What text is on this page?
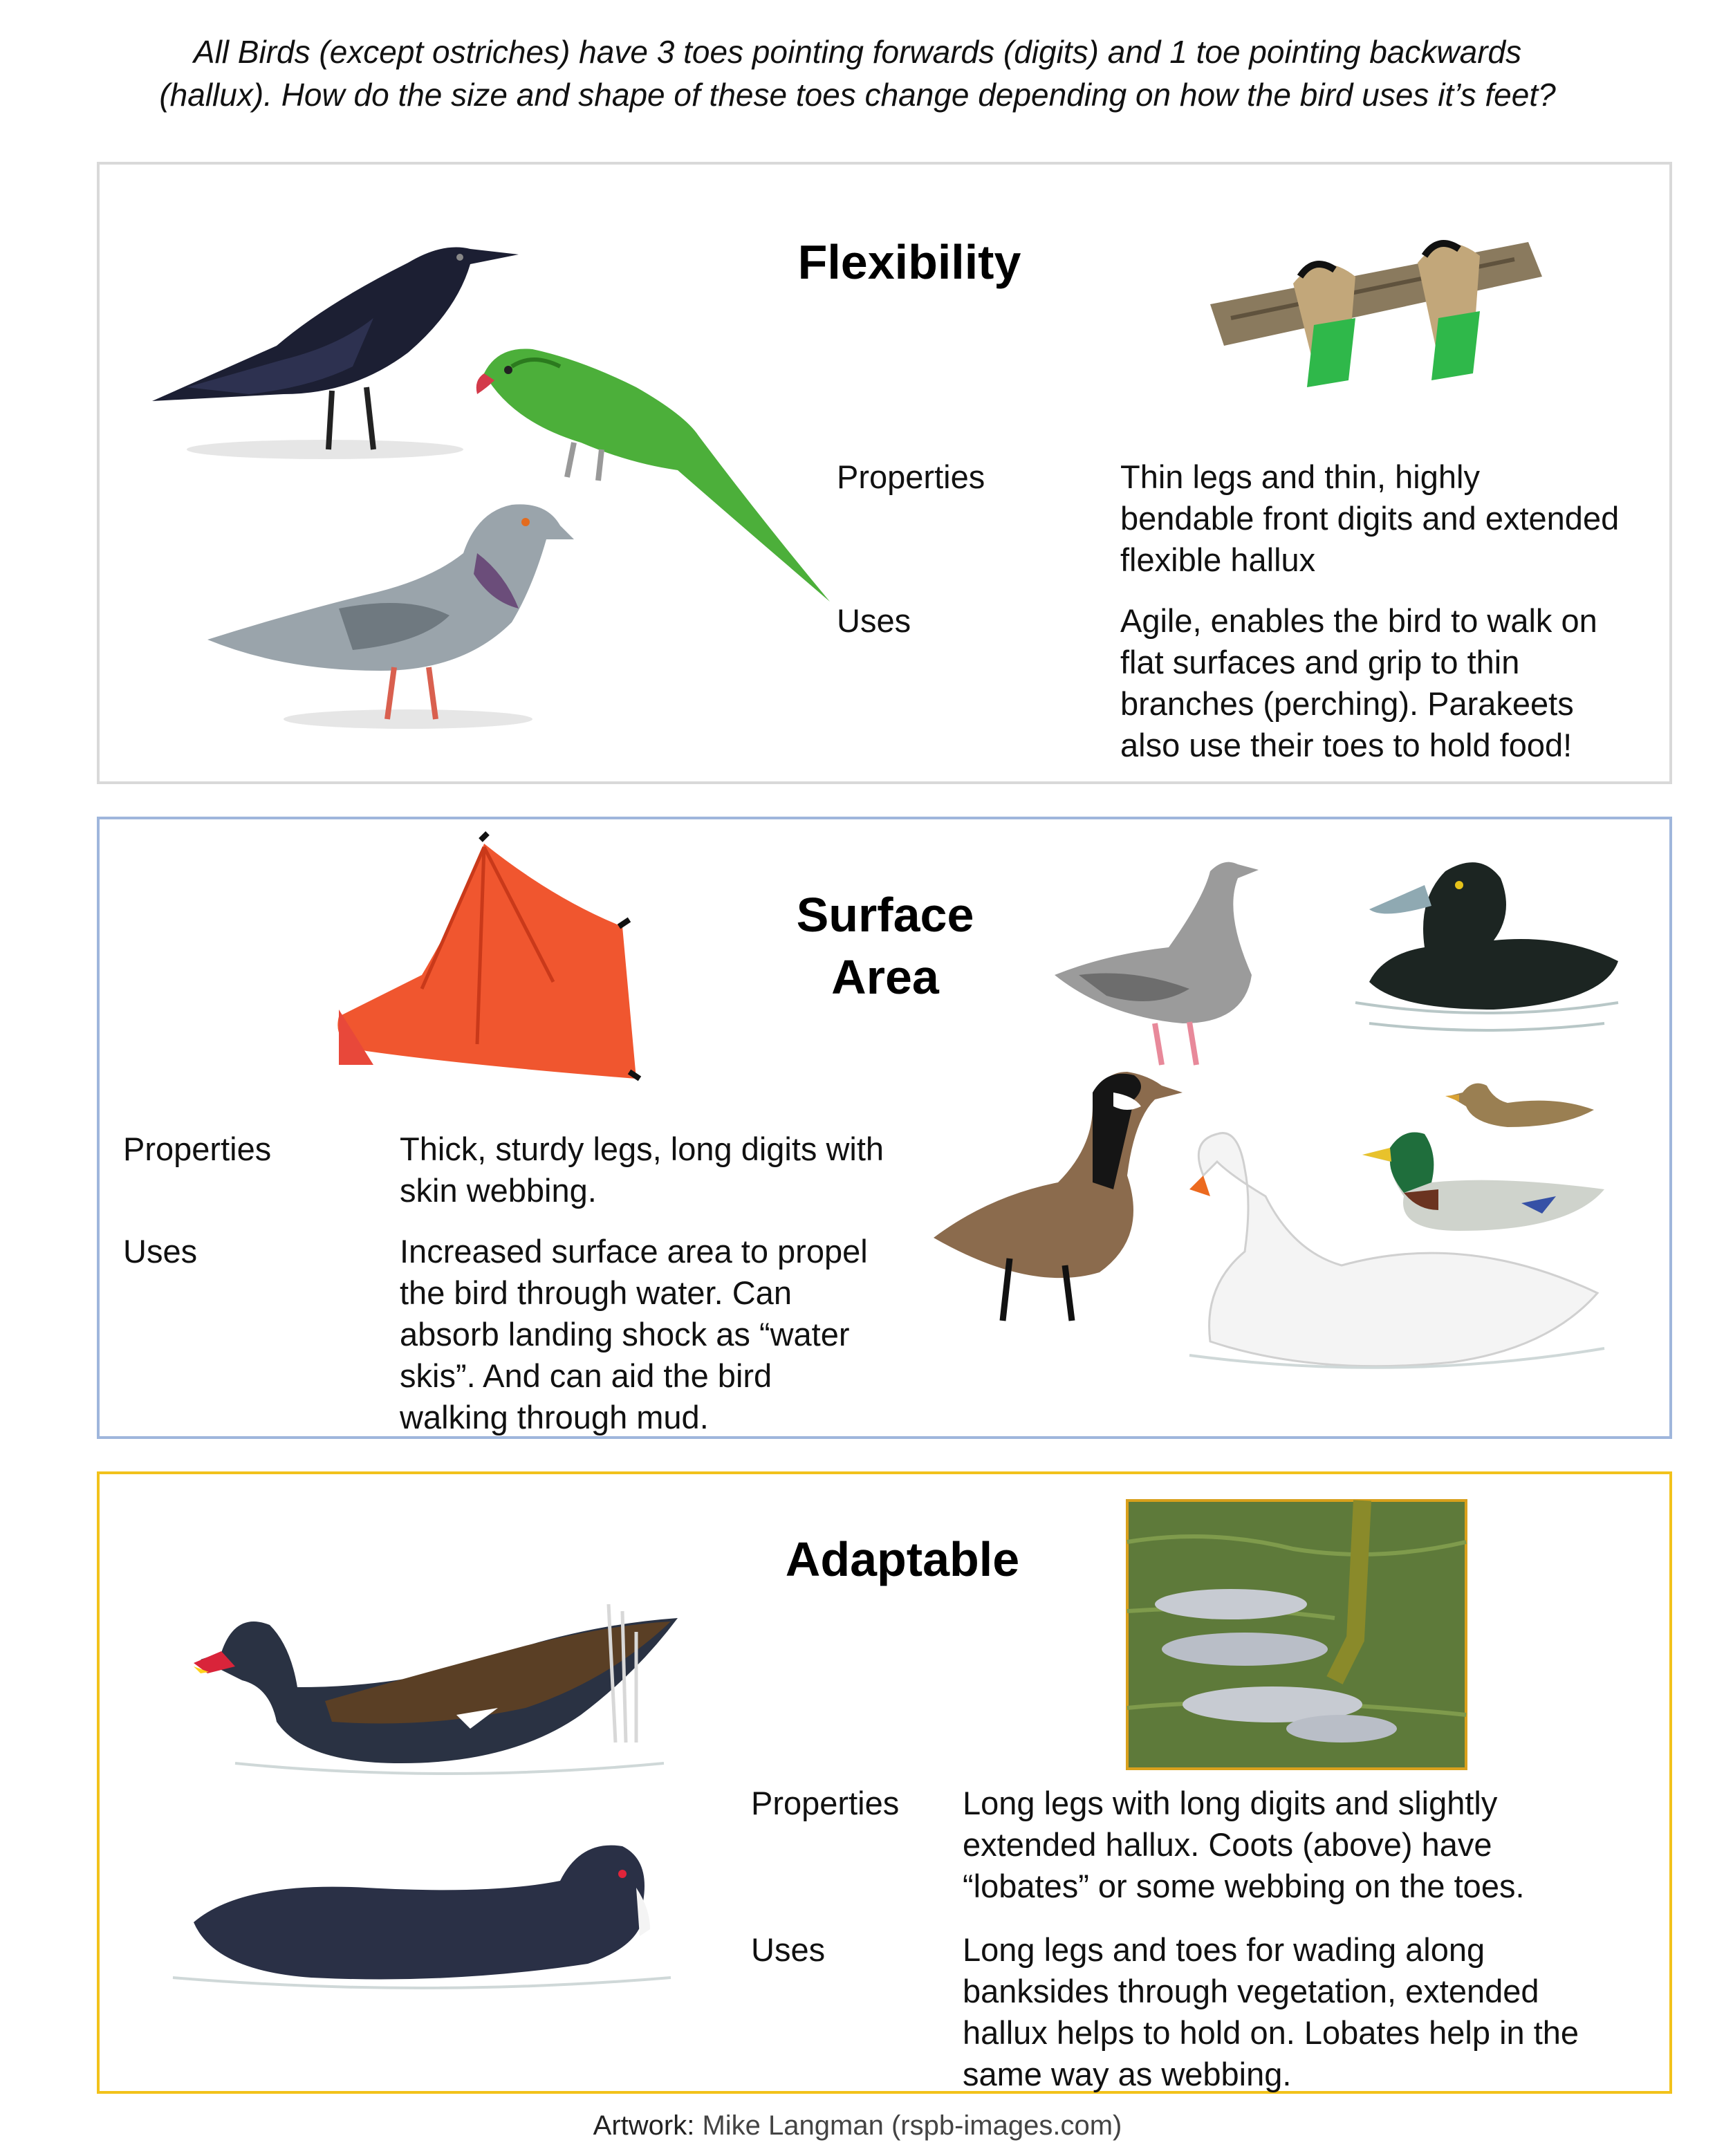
All Birds (except ostriches) have 3 toes pointing forwards (digits) and 1 toe pointing backwards
(hallux). How do the size and shape of these toes change depending on how the bird uses it’s feet?
Flexibility
Properties	Thin legs and thin, highly
bendable front digits and extended
flexible hallux
Uses	Agile, enables the bird to walk on
flat surfaces and grip to thin
branches (perching). Parakeets
also use their toes to hold food!
Surface
Area
Properties	Thick, sturdy legs, long digits with
skin webbing.
Uses	Increased surface area to propel
the bird through water. Can
absorb landing shock as “water
skis”. And can aid the bird
walking through mud.
Adaptable
Properties Long legs with long digits and slightly
extended hallux. Coots (above) have
“lobates” or some webbing on the toes.
Uses	Long legs and toes for wading along
banksides through vegetation, extended
hallux helps to hold on. Lobates help in the
same way as webbing.
Artwork: Mike Langman (rspb-images.com)
